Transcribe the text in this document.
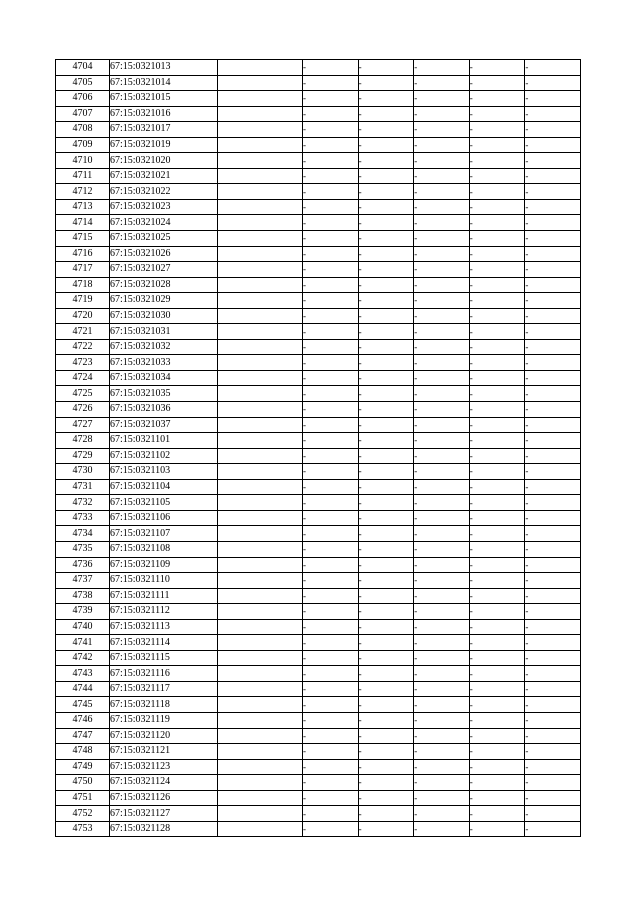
4704	67:15:0321013		-	-	-	-	-
4705	67:15:0321014		-	-	-	-	-
4706	67:15:0321015		-	-	-	-	-
4707	67:15:0321016		-	-	-	-	-
4708	67:15:0321017		-	-	-	-	-
4709	67:15:0321019		-	-	-	-	-
4710	67:15:0321020		-	-	-	-	-
4711	67:15:0321021		-	-	-	-	-
4712	67:15:0321022		-	-	-	-	-
4713	67:15:0321023		-	-	-	-	-
4714	67:15:0321024		-	-	-	-	-
4715	67:15:0321025		-	-	-	-	-
4716	67:15:0321026		-	-	-	-	-
4717	67:15:0321027		-	-	-	-	-
4718	67:15:0321028		-	-	-	-	-
4719	67:15:0321029		-	-	-	-	-
4720	67:15:0321030		-	-	-	-	-
4721	67:15:0321031		-	-	-	-	-
4722	67:15:0321032		-	-	-	-	-
4723	67:15:0321033		-	-	-	-	-
4724	67:15:0321034		-	-	-	-	-
4725	67:15:0321035		-	-	-	-	-
4726	67:15:0321036		-	-	-	-	-
4727	67:15:0321037		-	-	-	-	-
4728	67:15:0321101		-	-	-	-	-
4729	67:15:0321102		-	-	-	-	-
4730	67:15:0321103		-	-	-	-	-
4731	67:15:0321104		-	-	-	-	-
4732	67:15:0321105		-	-	-	-	-
4733	67:15:0321106		-	-	-	-	-
4734	67:15:0321107		-	-	-	-	-
4735	67:15:0321108		-	-	-	-	-
4736	67:15:0321109		-	-	-	-	-
4737	67:15:0321110		-	-	-	-	-
4738	67:15:0321111		-	-	-	-	-
4739	67:15:0321112		-	-	-	-	-
4740	67:15:0321113		-	-	-	-	-
4741	67:15:0321114		-	-	-	-	-
4742	67:15:0321115		-	-	-	-	-
4743	67:15:0321116		-	-	-	-	-
4744	67:15:0321117		-	-	-	-	-
4745	67:15:0321118		-	-	-	-	-
4746	67:15:0321119		-	-	-	-	-
4747	67:15:0321120		-	-	-	-	-
4748	67:15:0321121		-	-	-	-	-
4749	67:15:0321123		-	-	-	-	-
4750	67:15:0321124		-	-	-	-	-
4751	67:15:0321126		-	-	-	-	-
4752	67:15:0321127		-	-	-	-	-
4753	67:15:0321128		-	-	-	-	-
